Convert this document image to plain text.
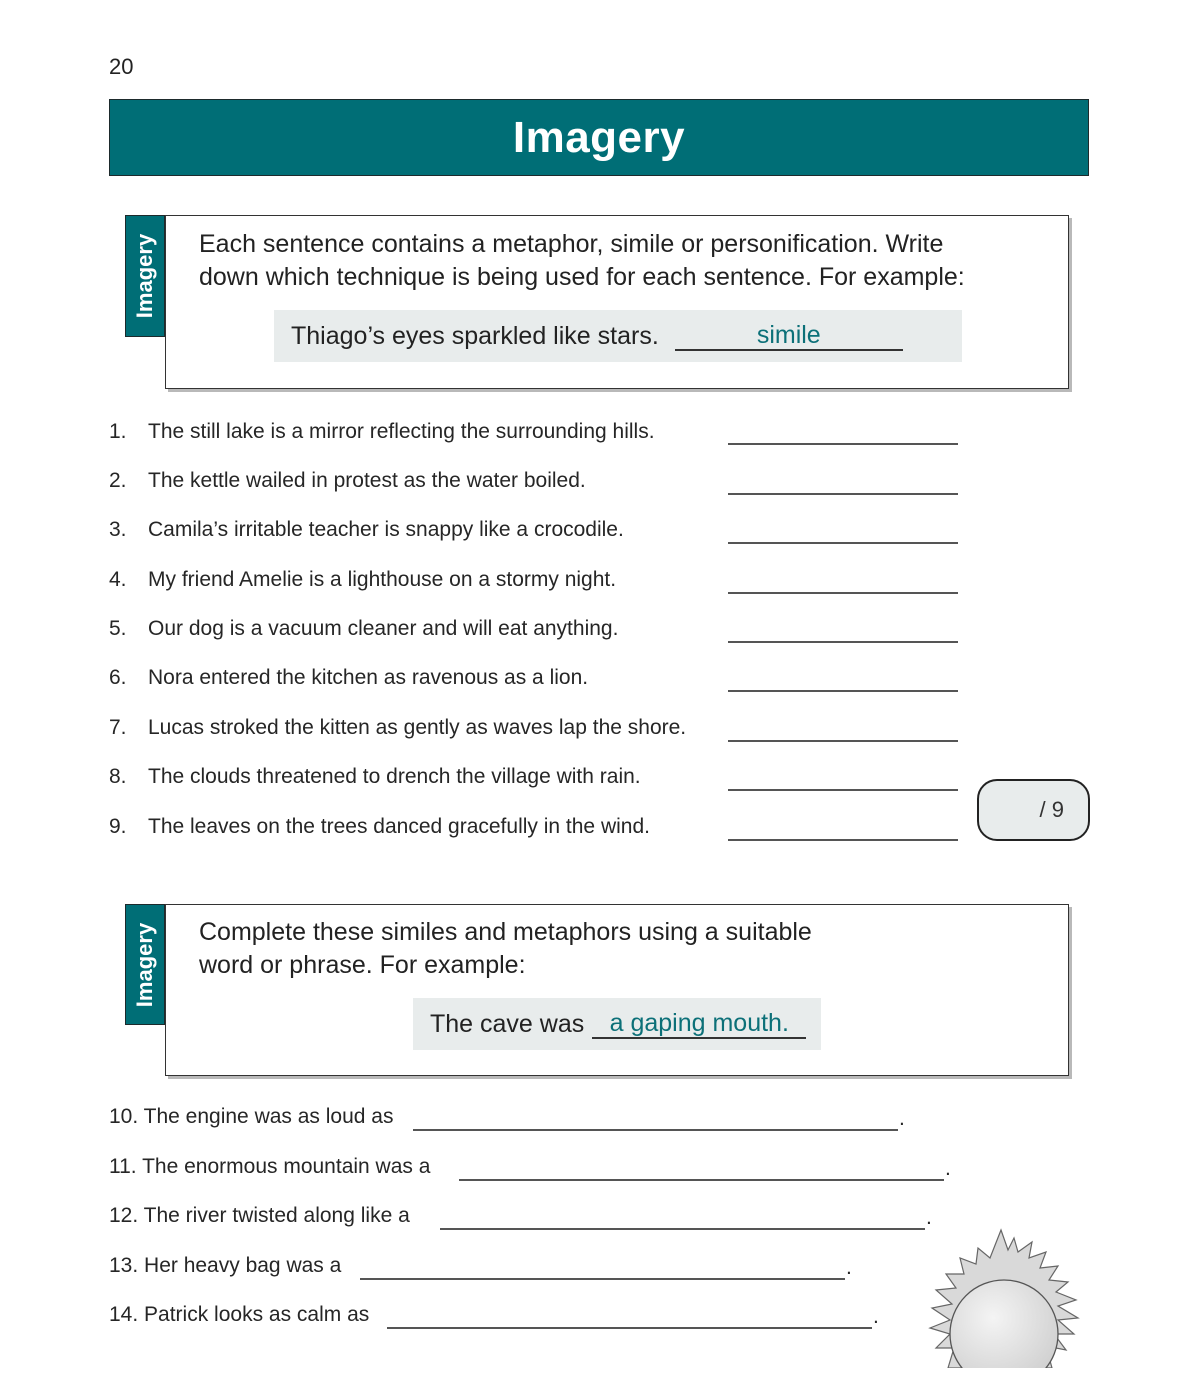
20
Imagery
Imagery Each sentence contains a metaphor, simile or personification. Write
down which technique is being used for each sentence. For example:
Thiago’s eyes sparkled like stars.	simile
1.	The still lake is a mirror reflecting the surrounding hills.
2.	The kettle wailed in protest as the water boiled.
3.	Camila’s irritable teacher is snappy like a crocodile.
4.	My friend Amelie is a lighthouse on a stormy night.
5.	Our dog is a vacuum cleaner and will eat anything.
6.	Nora entered the kitchen as ravenous as a lion.
7.	Lucas stroked the kitten as gently as waves lap the shore.
8.	The clouds threatened to drench the village with rain.
9.	The leaves on the trees danced gracefully in the wind.
/ 9
Imagery Complete these similes and metaphors using a suitable
word or phrase. For example:
The cave was	a gaping mouth.
10. The engine was as loud as	.
11. The enormous mountain was a	.
12. The river twisted along like a	.
13. Her heavy bag was a	.
14. Patrick looks as calm as	.
